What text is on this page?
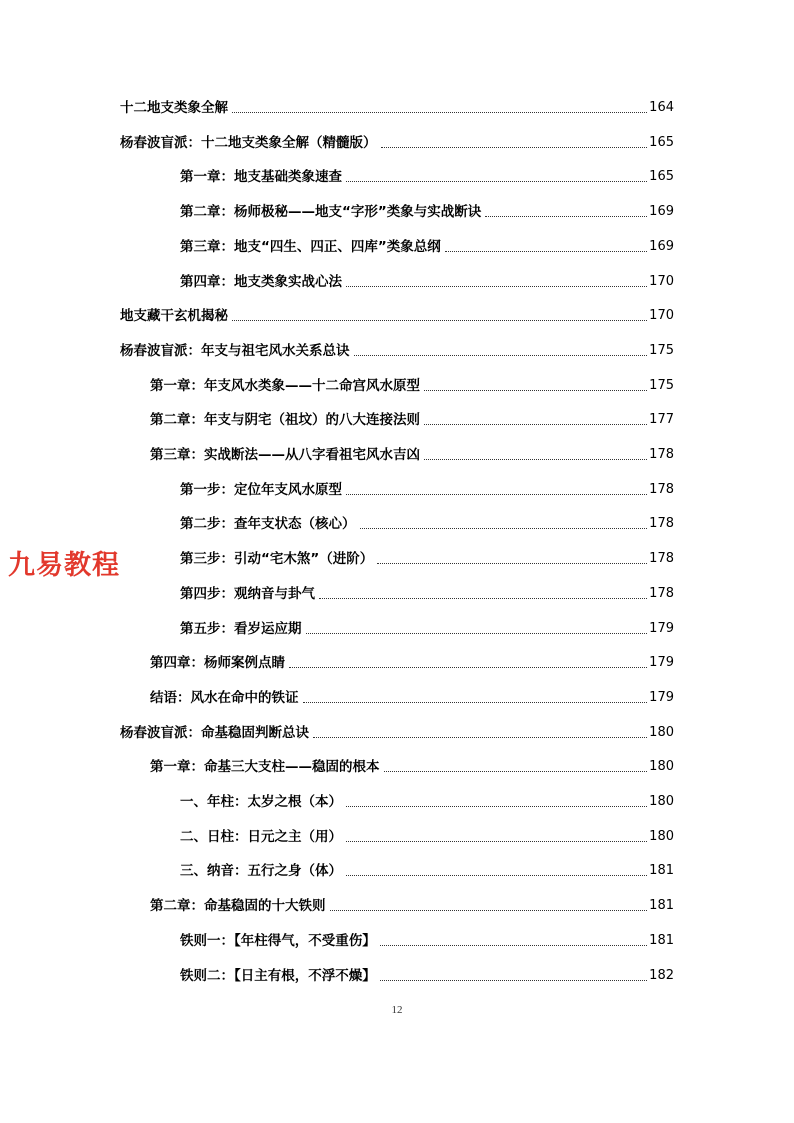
十二地支类象全解	164
杨春波盲派：十二地支类象全解（精髓版）	165
第一章：地支基础类象速查	165
第二章：杨师极秘——地支“字形”类象与实战断诀	169
第三章：地支“四生、四正、四库”类象总纲	169
第四章：地支类象实战心法	170
地支藏干玄机揭秘	170
杨春波盲派：年支与祖宅风水关系总诀	175
第一章：年支风水类象——十二命宫风水原型	175
第二章：年支与阴宅（祖坟）的八大连接法则	177
第三章：实战断法——从八字看祖宅风水吉凶	178
第一步：定位年支风水原型	178
第二步：查年支状态（核心）	178
第三步：引动“宅木煞”（进阶）	178
第四步：观纳音与卦气	178
第五步：看岁运应期	179
第四章：杨师案例点睛	179
结语：风水在命中的铁证	179
杨春波盲派：命基稳固判断总诀	180
第一章：命基三大支柱——稳固的根本	180
一、年柱：太岁之根（本）	180
二、日柱：日元之主（用）	180
三、纳音：五行之身（体）	181
第二章：命基稳固的十大铁则	181
铁则一：【年柱得气，不受重伤】	181
铁则二：【日主有根，不浮不燥】	182
九易教程
12
